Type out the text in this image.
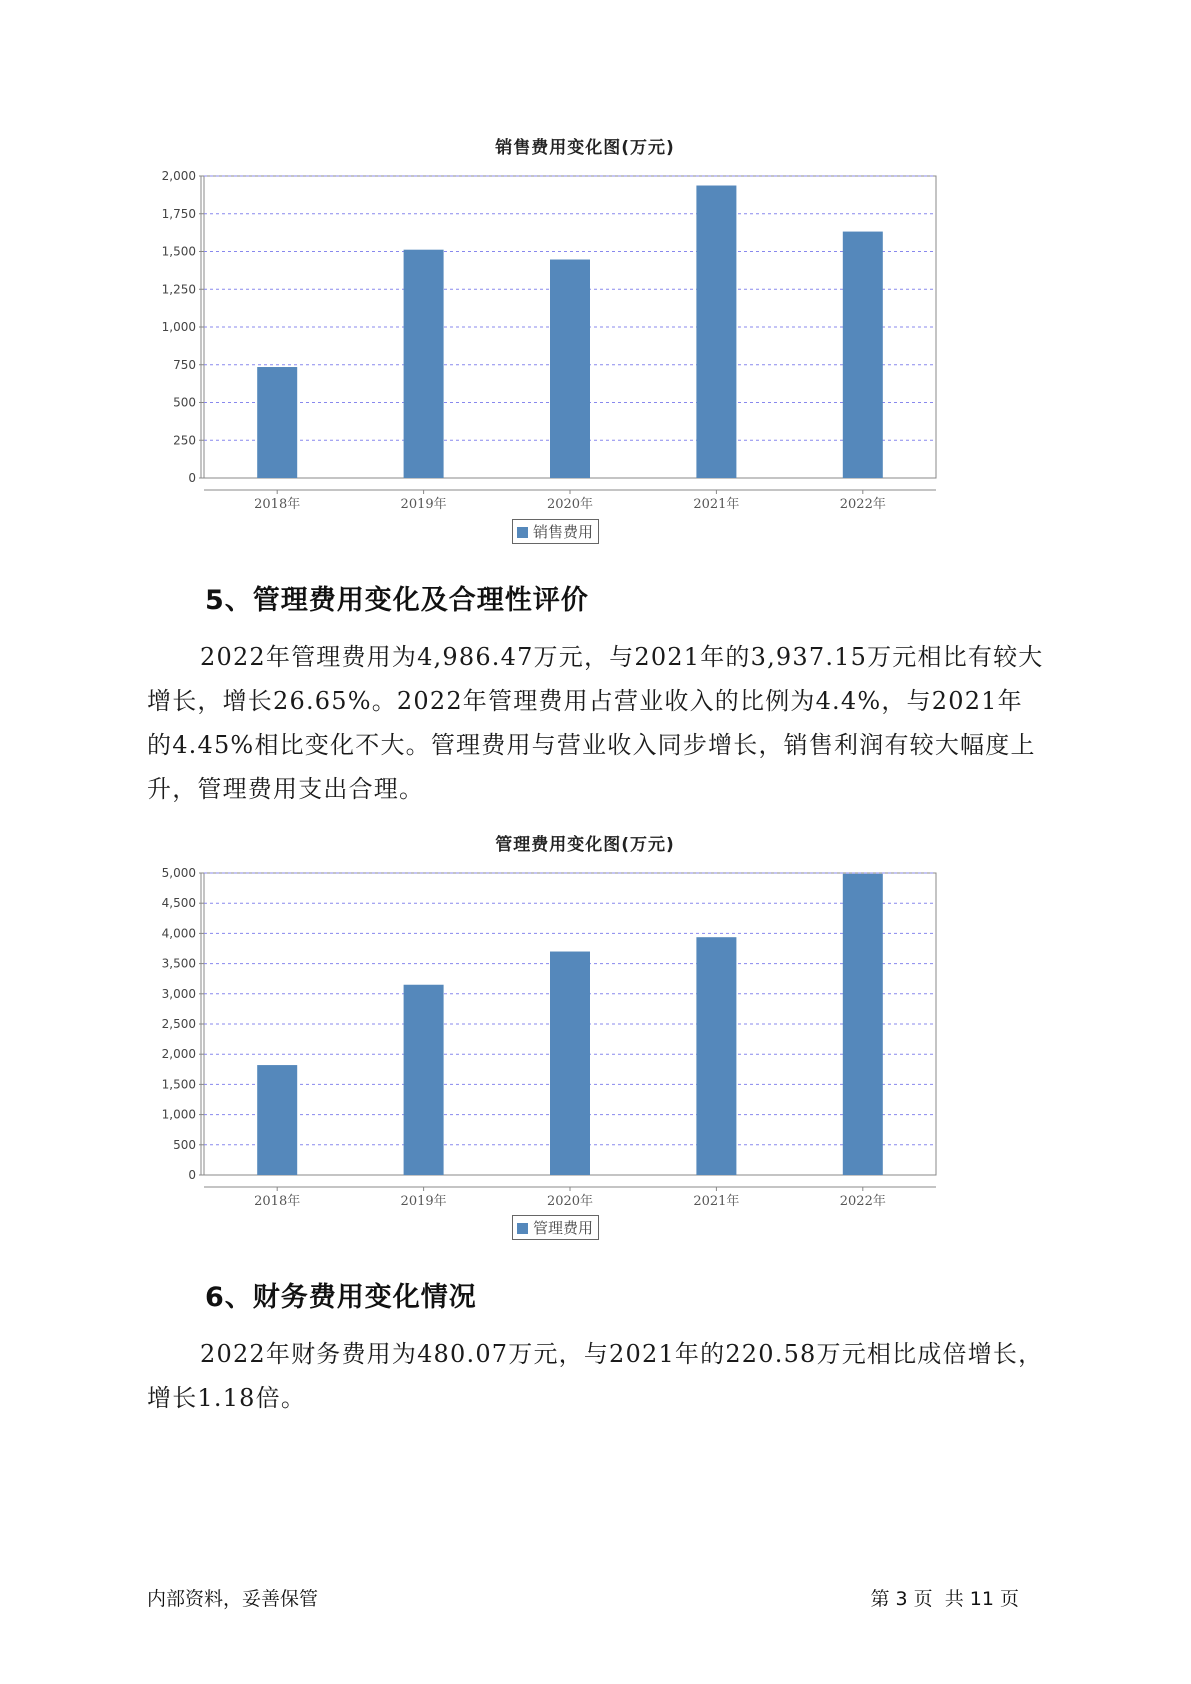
销售费用变化图(万元)
0
250
500
750
1,000
1,250
1,500
1,750
2,000
2018年	2019年	2020年	2021年	2022年
销售费用
5、管理费用变化及合理性评价

2022年管理费用为4,986.47万元，与2021年的3,937.15万元相比有较大增长，增长26.65%。2022年管理费用占营业收入的比例为4.4%，与2021年的4.45%相比变化不大。管理费用与营业收入同步增长，销售利润有较大幅度上升，管理费用支出合理。

管理费用变化图(万元)
0
500
1,000
1,500
2,000
2,500
3,000
3,500
4,000
4,500
5,000
2018年	2019年	2020年	2021年	2022年
管理费用
6、财务费用变化情况

2022年财务费用为480.07万元，与2021年的220.58万元相比成倍增长，增长1.18倍。

内部资料，妥善保管	第 3 页  共 11 页
